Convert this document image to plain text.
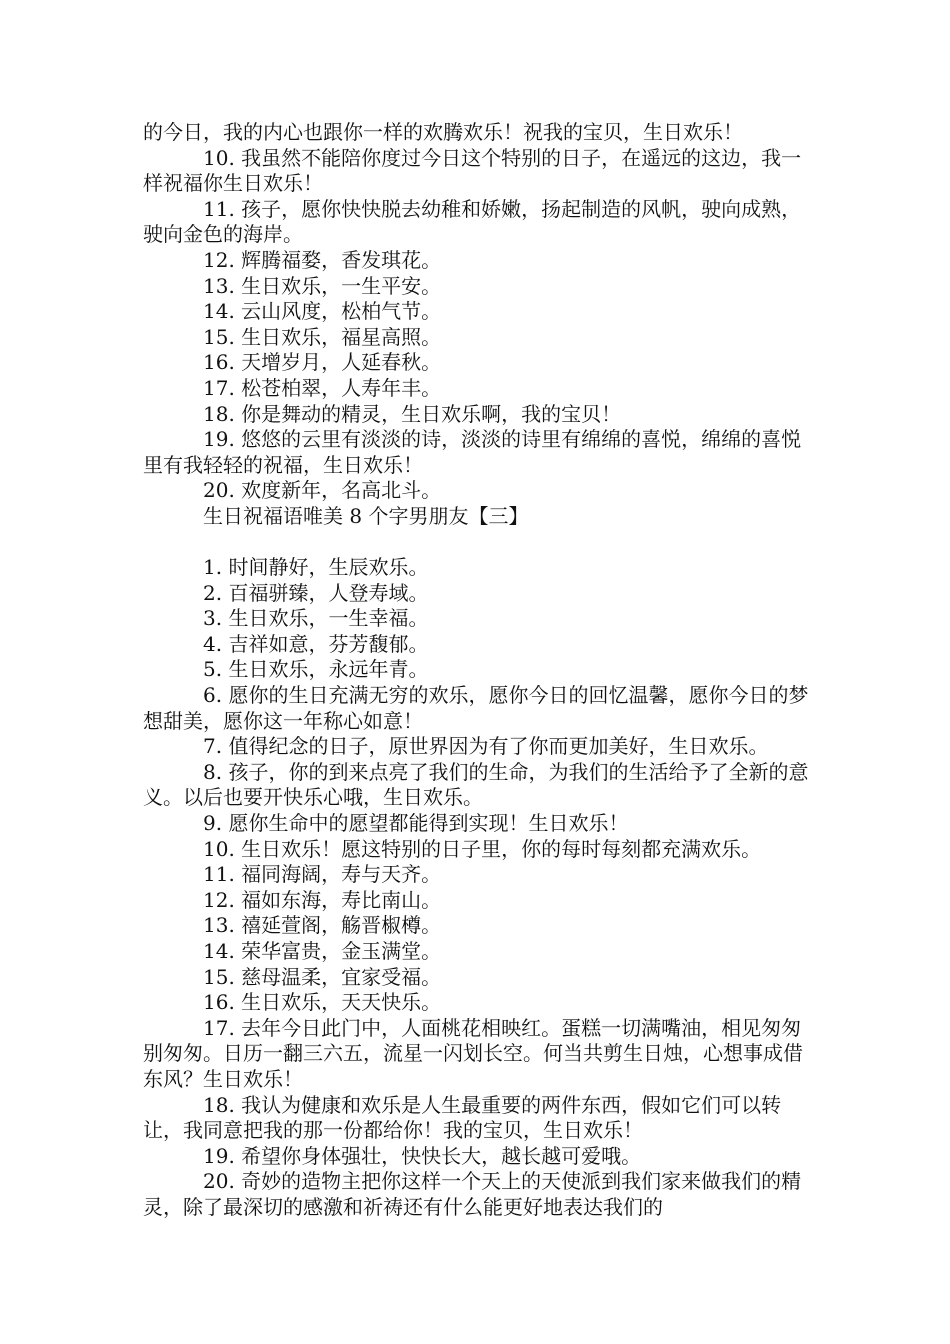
的今日，我的内心也跟你一样的欢腾欢乐！祝我的宝贝，生日欢乐！

10. 我虽然不能陪你度过今日这个特别的日子，在遥远的这边，我一样祝福你生日欢乐！

11. 孩子，愿你快快脱去幼稚和娇嫩，扬起制造的风帆，驶向成熟，驶向金色的海岸。

12. 辉腾福婺，香发琪花。

13. 生日欢乐，一生平安。

14. 云山风度，松柏气节。

15. 生日欢乐，福星高照。

16. 天增岁月，人延春秋。

17. 松苍柏翠，人寿年丰。

18. 你是舞动的精灵，生日欢乐啊，我的宝贝！

19. 悠悠的云里有淡淡的诗，淡淡的诗里有绵绵的喜悦，绵绵的喜悦里有我轻轻的祝福，生日欢乐！

20. 欢度新年，名高北斗。

生日祝福语唯美 8 个字男朋友【三】

1. 时间静好，生辰欢乐。

2. 百福骈臻，人登寿域。

3. 生日欢乐，一生幸福。

4. 吉祥如意，芬芳馥郁。

5. 生日欢乐，永远年青。

6. 愿你的生日充满无穷的欢乐，愿你今日的回忆温馨，愿你今日的梦想甜美，愿你这一年称心如意！

7. 值得纪念的日子，原世界因为有了你而更加美好，生日欢乐。

8. 孩子，你的到来点亮了我们的生命，为我们的生活给予了全新的意义。以后也要开快乐心哦，生日欢乐。

9. 愿你生命中的愿望都能得到实现！生日欢乐！

10. 生日欢乐！愿这特别的日子里，你的每时每刻都充满欢乐。

11. 福同海阔，寿与天齐。

12. 福如东海，寿比南山。

13. 禧延萱阁，觞晋椒樽。

14. 荣华富贵，金玉满堂。

15. 慈母温柔，宜家受福。

16. 生日欢乐，天天快乐。

17. 去年今日此门中，人面桃花相映红。蛋糕一切满嘴油，相见匆匆别匆匆。日历一翻三六五，流星一闪划长空。何当共剪生日烛，心想事成借东风？生日欢乐！

18. 我认为健康和欢乐是人生最重要的两件东西，假如它们可以转让，我同意把我的那一份都给你！我的宝贝，生日欢乐！

19. 希望你身体强壮，快快长大，越长越可爱哦。

20. 奇妙的造物主把你这样一个天上的天使派到我们家来做我们的精灵，除了最深切的感激和祈祷还有什么能更好地表达我们的
